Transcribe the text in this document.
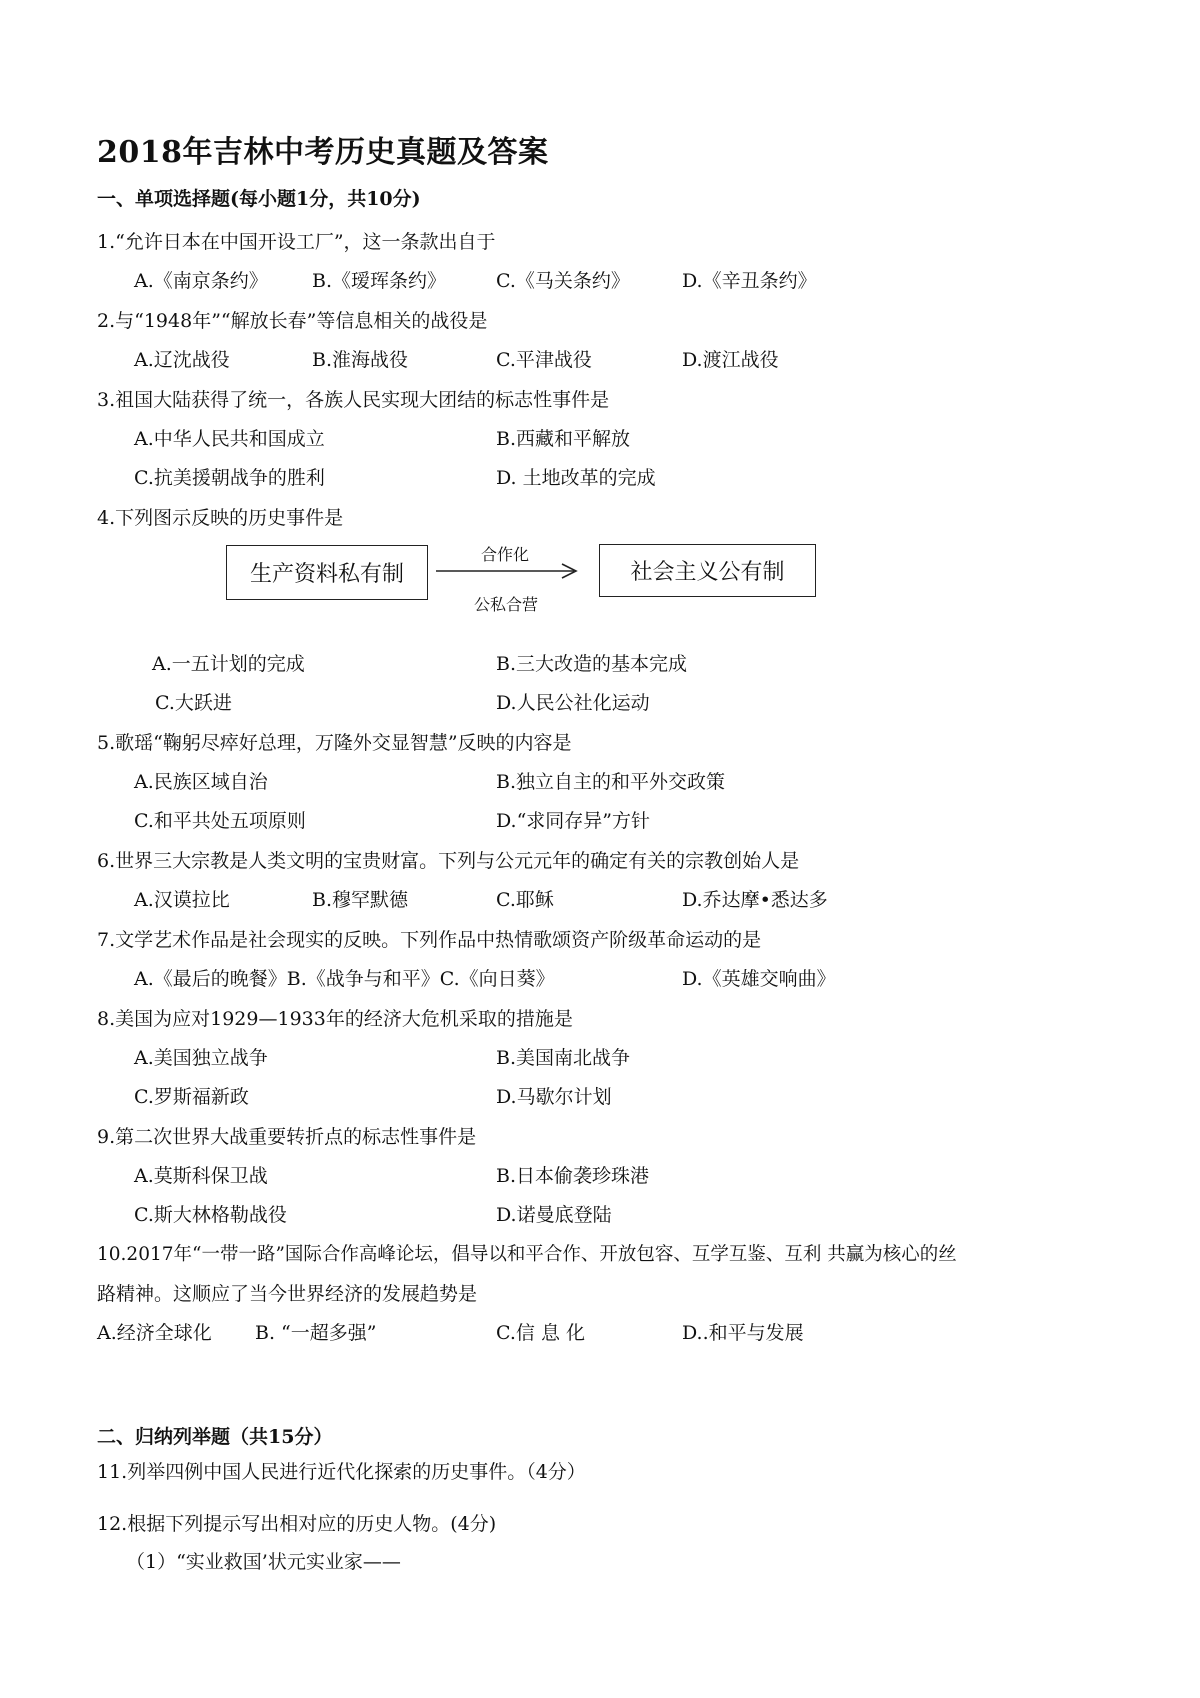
2018年吉林中考历史真题及答案
一、单项选择题(每小题1分，共10分)
1.“允许日本在中国开设工厂”，这一条款出自于
A.《南京条约》 B.《瑷珲条约》	C.《马关条约》	D.《辛丑条约》
2.与“1948年”“解放长春”等信息相关的战役是
A.辽沈战役	B.淮海战役	C.平津战役	D.渡江战役
3.祖国大陆获得了统一，各族人民实现大团结的标志性事件是
A.中华人民共和国成立	B.西藏和平解放
C.抗美援朝战争的胜利	D. 土地改革的完成
4.下列图示反映的历史事件是
生产资料私有制
合作化
公私合营
社会主义公有制
A.一五计划的完成	B.三大改造的基本完成
C.大跃进	D.人民公社化运动
5.歌瑶“鞠躬尽瘁好总理，万隆外交显智慧”反映的内容是
A.民族区域自治	B.独立自主的和平外交政策
C.和平共处五项原则	D.“求同存异”方针
6.世界三大宗教是人类文明的宝贵财富。下列与公元元年的确定有关的宗教创始人是
A.汉谟拉比	B.穆罕默德	C.耶稣	D.乔达摩•悉达多
7.文学艺术作品是社会现实的反映。下列作品中热情歌颂资产阶级革命运动的是
A.《最后的晚餐》B.《战争与和平》C.《向日葵》	D.《英雄交响曲》
8.美国为应对1929—1933年的经济大危机采取的措施是
A.美国独立战争	B.美国南北战争
C.罗斯福新政	D.马歇尔计划
9.第二次世界大战重要转折点的标志性事件是
A.莫斯科保卫战	B.日本偷袭珍珠港
C.斯大林格勒战役	D.诺曼底登陆
10.2017年“一带一路”国际合作高峰论坛，倡导以和平合作、开放包容、互学互鉴、互利 共赢为核心的丝
路精神。这顺应了当今世界经济的发展趋势是
A.经济全球化 B. “一超多强”	C.信 息 化	D..和平与发展
二、归纳列举题（共15分）
11.列举四例中国人民进行近代化探索的历史事件。（4分）
12.根据下列提示写出相对应的历史人物。(4分)
（1）“实业救国’状元实业家——
